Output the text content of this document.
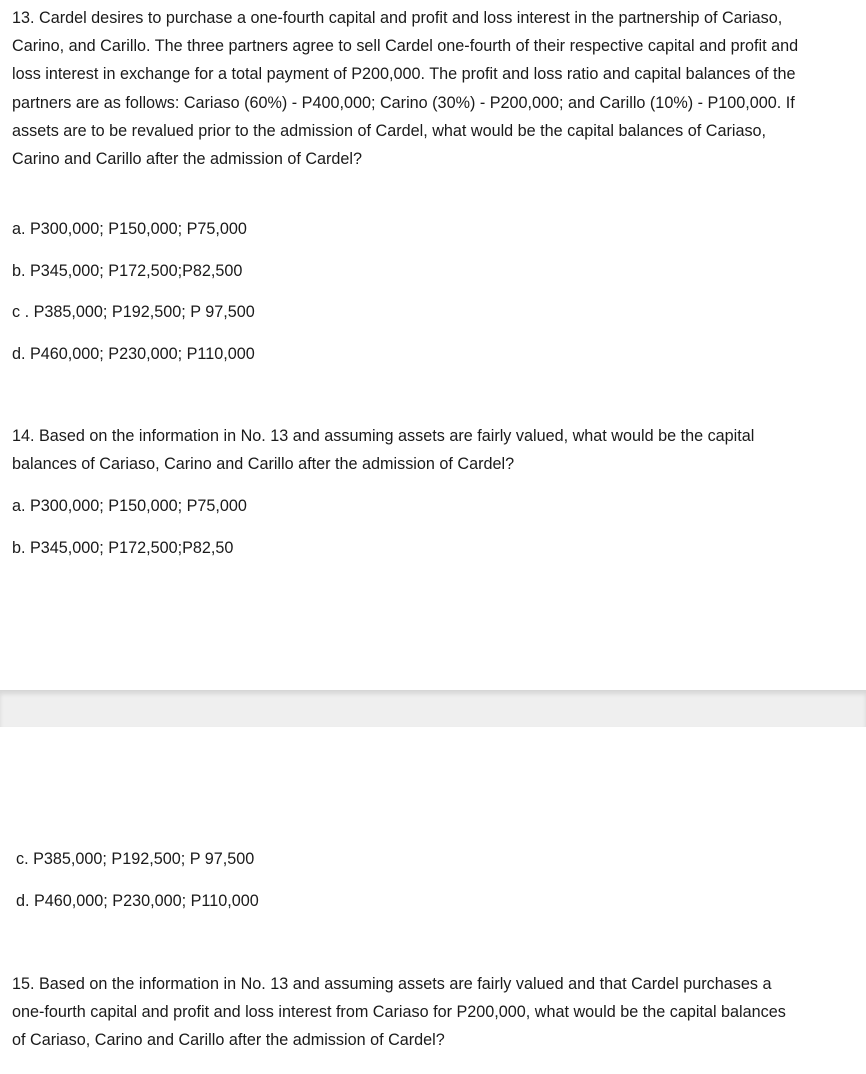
13. Cardel desires to purchase a one-fourth capital and profit and loss interest in the partnership of Cariaso, Carino, and Carillo. The three partners agree to sell Cardel one-fourth of their respective capital and profit and loss interest in exchange for a total payment of P200,000. The profit and loss ratio and capital balances of the partners are as follows: Cariaso (60%) - P400,000; Carino (30%) - P200,000; and Carillo (10%) - P100,000. If assets are to be revalued prior to the admission of Cardel, what would be the capital balances of Cariaso, Carino and Carillo after the admission of Cardel?

a. P300,000; P150,000; P75,000

b. P345,000; P172,500;P82,500

c . P385,000; P192,500; P 97,500

d. P460,000; P230,000; P110,000

14. Based on the information in No. 13 and assuming assets are fairly valued, what would be the capital balances of Cariaso, Carino and Carillo after the admission of Cardel?

a. P300,000; P150,000; P75,000

b. P345,000; P172,500;P82,50

c. P385,000; P192,500; P 97,500

d. P460,000; P230,000; P110,000

15. Based on the information in No. 13 and assuming assets are fairly valued and that Cardel purchases a one-fourth capital and profit and loss interest from Cariaso for P200,000, what would be the capital balances of Cariaso, Carino and Carillo after the admission of Cardel?
